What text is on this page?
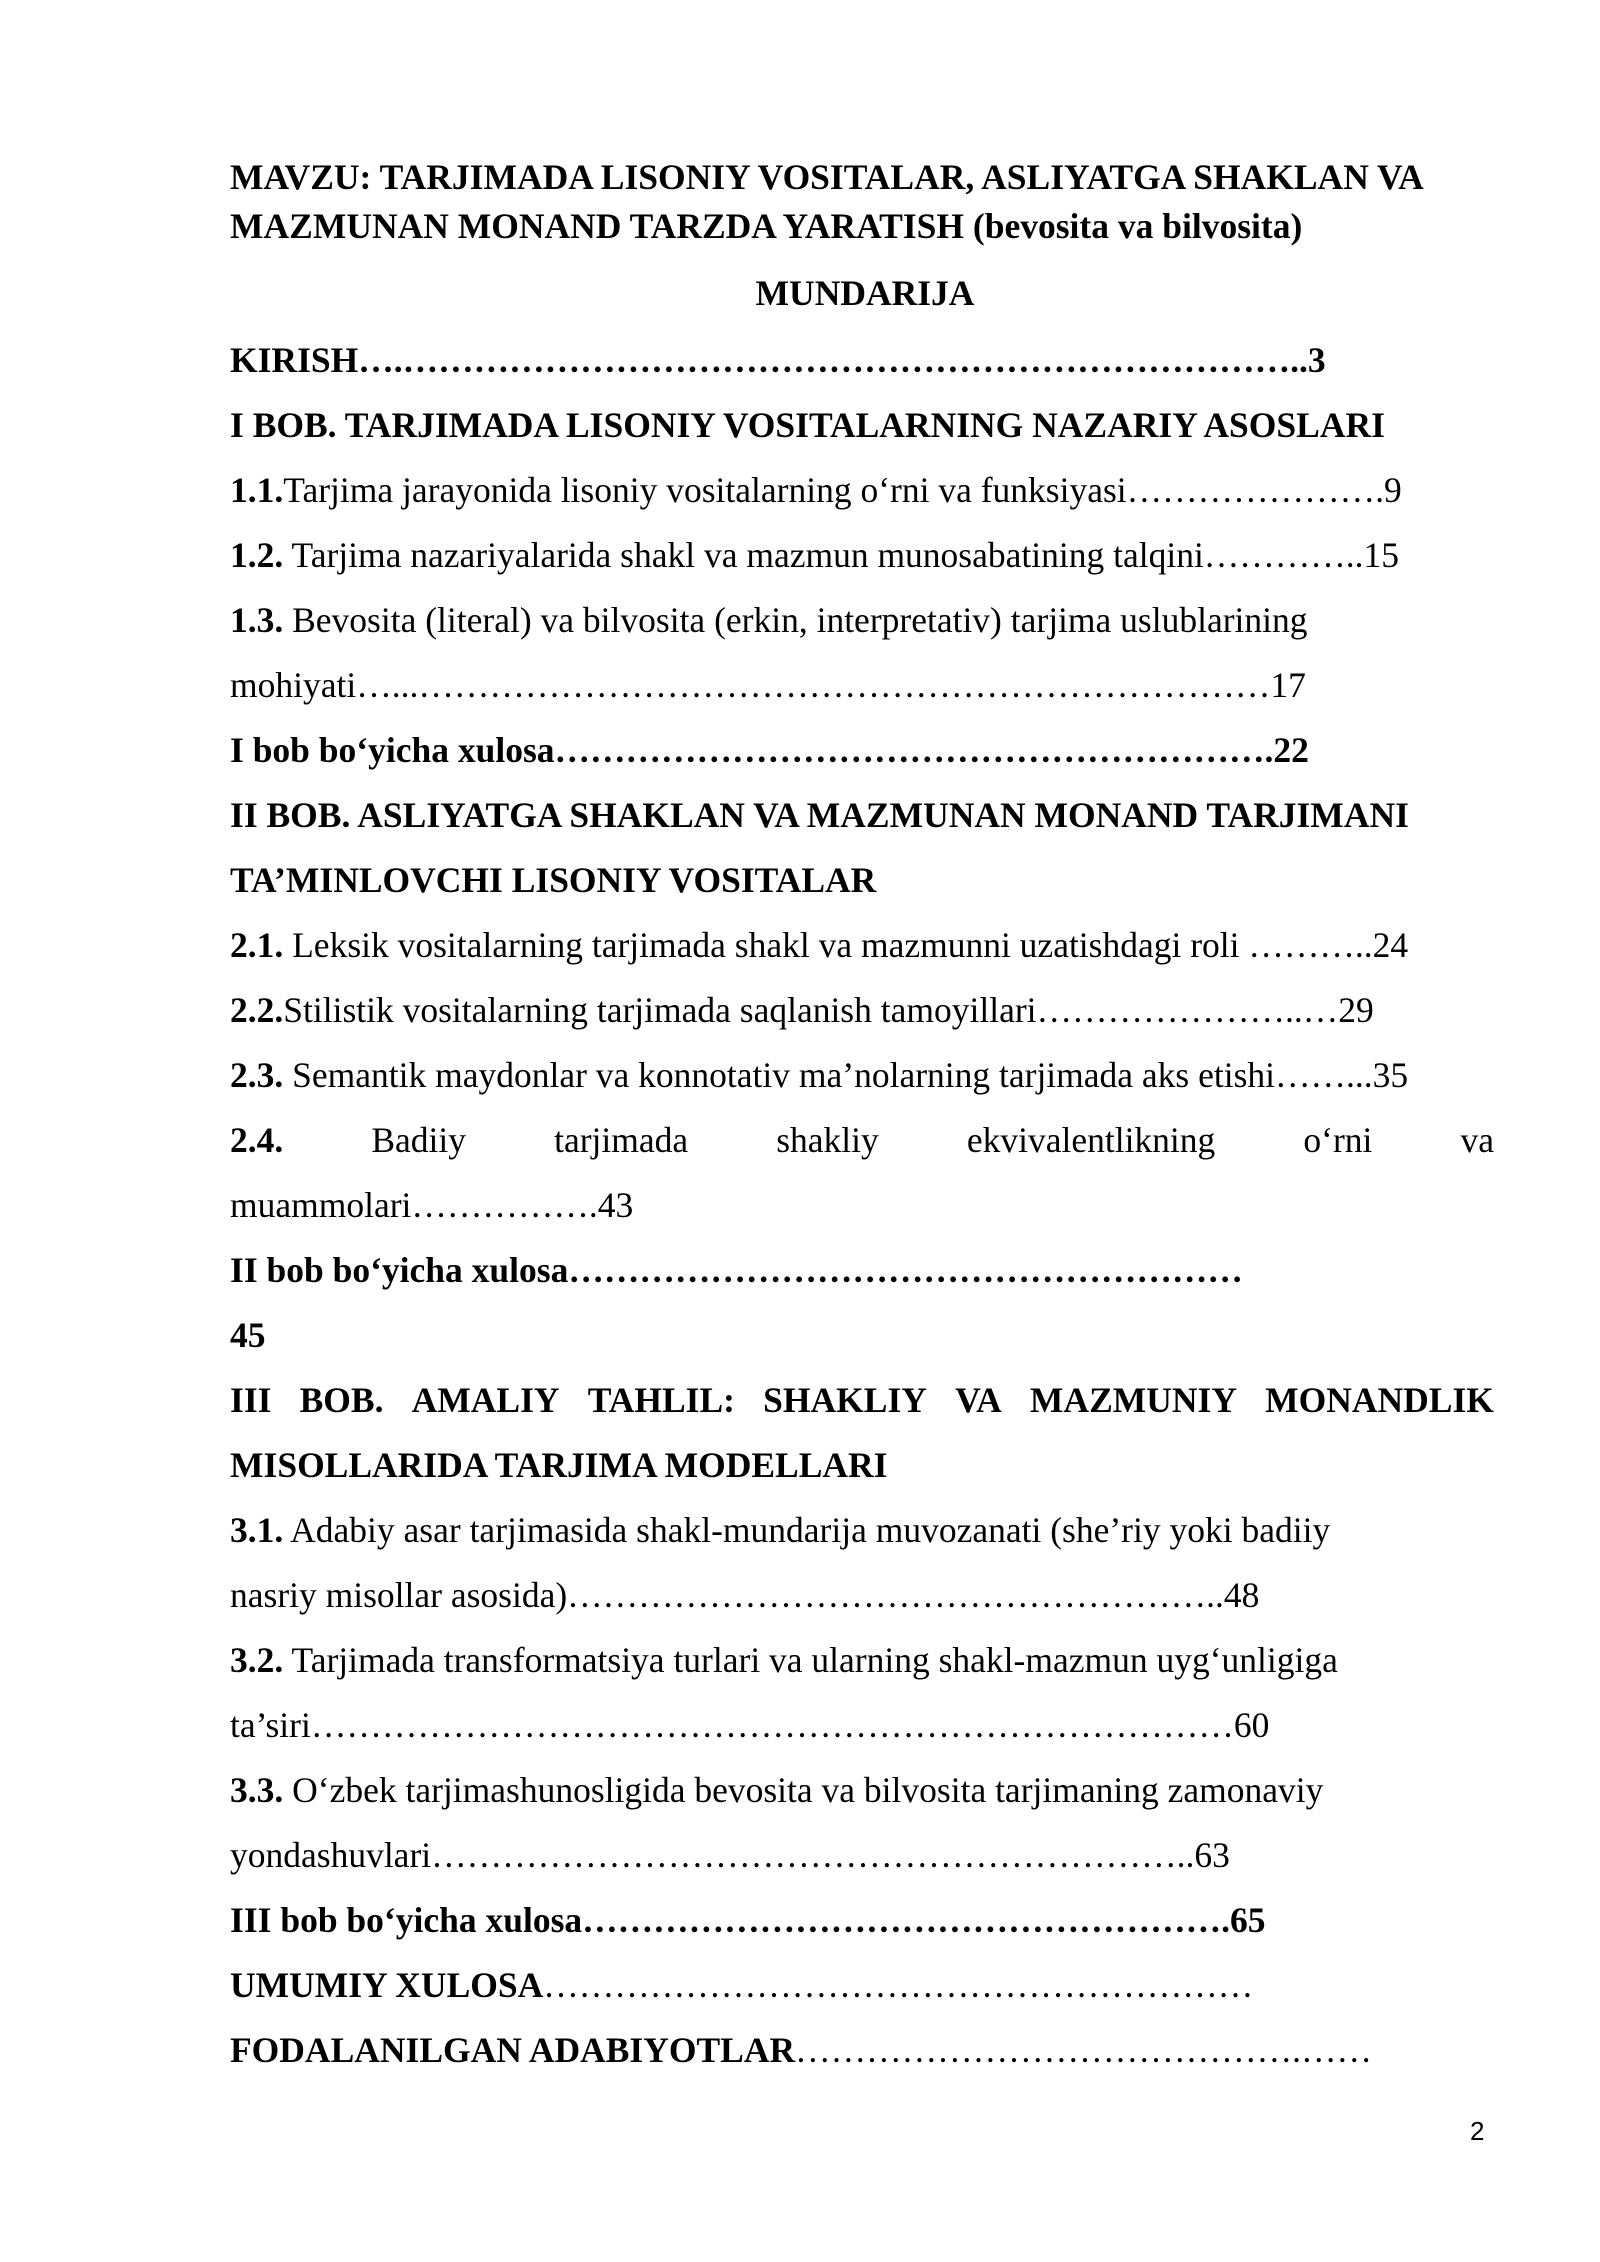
MAVZU: TARJIMADA LISONIY VOSITALAR, ASLIYATGA SHAKLAN VA MAZMUNAN MONAND TARZDA YARATISH (bevosita va bilvosita)
MUNDARIJA
KIRISH….…………………………………………………………………..3
I BOB. TARJIMADA LISONIY VOSITALARNING NAZARIY ASOSLARI
1.1.Tarjima jarayonida lisoniy vositalarning o‘rni va funksiyasi………………….9
1.2. Tarjima nazariyalarida shakl va mazmun munosabatining talqini…………..15
1.3. Bevosita (literal) va bilvosita (erkin, interpretativ) tarjima uslublarining
mohiyati…...………………………………………………………………17
I bob bo‘yicha xulosa…………………………………………………….22
II BOB. ASLIYATGA SHAKLAN VA MAZMUNAN MONAND TARJIMANI
TA’MINLOVCHI LISONIY VOSITALAR
2.1. Leksik vositalarning tarjimada shakl va mazmunni uzatishdagi roli ………..24
2.2.Stilistik vositalarning tarjimada saqlanish tamoyillari…………………..…29
2.3. Semantik maydonlar va konnotativ ma’nolarning tarjimada aks etishi……...35
2.4. Badiiy tarjimada shakliy ekvivalentlikning o‘rni va
muammolari…………….43
II bob bo‘yicha xulosa…………………………………………………
45
III BOB. AMALIY TAHLIL: SHAKLIY VA MAZMUNIY MONANDLIK
MISOLLARIDA TARJIMA MODELLARI
3.1. Adabiy asar tarjimasida shakl-mundarija muvozanati (she’riy yoki badiiy
nasriy misollar asosida)………………………………………………..48
3.2. Tarjimada transformatsiya turlari va ularning shakl-mazmun uyg‘unligiga
ta’siri……………………………………………………………………60
3.3. O‘zbek tarjimashunosligida bevosita va bilvosita tarjimaning zamonaviy
yondashuvlari………………………………………………………..63
III bob bo‘yicha xulosa……………………………………………….65
UMUMIY XULOSA……………………………………………………
FODALANILGAN ADABIYOTLAR…………………………………….……
2
